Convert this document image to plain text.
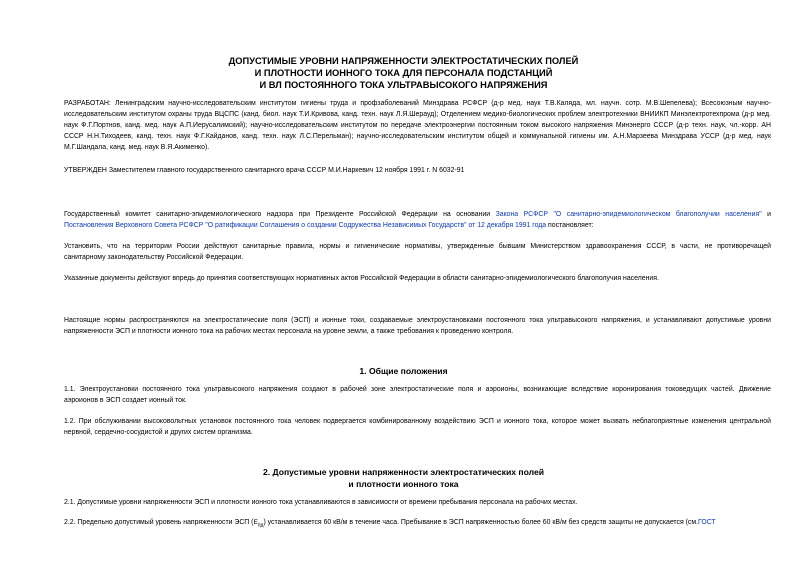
ДОПУСТИМЫЕ УРОВНИ НАПРЯЖЕННОСТИ ЭЛЕКТРОСТАТИЧЕСКИХ ПОЛЕЙ
И ПЛОТНОСТИ ИОННОГО ТОКА ДЛЯ ПЕРСОНАЛА ПОДСТАНЦИЙ
И ВЛ ПОСТОЯННОГО ТОКА УЛЬТРАВЫСОКОГО НАПРЯЖЕНИЯ
РАЗРАБОТАН: Ленинградским научно-исследовательским институтом гигиены труда и профзаболеваний Минздрава РСФСР (д-р мед. наук Т.В.Калядa, мл. научн. сотр. М.В.Шепелева); Всесоюзным научно-
исследовательским институтом охраны труда ВЦСПС (канд. биол. наук Т.И.Кривова, канд. техн. наук Л.Я.Шерауд); Отделением медико-биологических проблем электротехники ВНИИКП Минэлектротехпрома (д-р мед.
наук Ф.Г.Портнов, канд. мед. наук А.П.Иерусалимский); научно-исследовательским институтом по передаче электроэнергии постоянным током высокого напряжения Минэнерго СССР (д-р техн. наук, чл.-корр. АН
СССР Н.Н.Тиходеев, канд. техн. наук Ф.Г.Кайданов, канд. техн. наук Л.С.Перельман); научно-исследовательским институтом общей и коммунальной гигиены им. А.Н.Марзеева Минздрава УССР (д-р мед. наук
М.Г.Шандала, канд. мед. наук В.Я.Акименко).
УТВЕРЖДЕН Заместителем главного государственного санитарного врача СССР М.И.Наркевич 12 ноября 1991 г. N 6032-91
Государственный комитет санитарно-эпидемиологического надзора при Президенте Российской Федерации на основании Закона РСФСР "О санитарно-эпидемиологическом благополучии населения" и
Постановления Верховного Совета РСФСР "О ратификации Соглашения о создании Содружества Независимых Государств" от 12 декабря 1991 года постановляет:
Установить, что на территории России действуют санитарные правила, нормы и гигиенические нормативы, утвержденные бывшим Министерством здравоохранения СССР, в части, не противоречащей
санитарному законодательству Российской Федерации.
Указанные документы действуют впредь до принятия соответствующих нормативных актов Российской Федерации в области санитарно-эпидемиологического благополучия населения.
Настоящие нормы распространяются на электростатические поля (ЭСП) и ионные токи, создаваемые электроустановками постоянного тока ультравысокого напряжения, и устанавливают допустимые уровни
напряженности ЭСП и плотности ионного тока на рабочих местах персонала на уровне земли, а также требования к проведению контроля.
1. Общие положения
1.1. Электроустановки постоянного тока ультравысокого напряжения создают в рабочей зоне электростатические поля и аэроионы, возникающие вследствие коронирования токоведущих частей. Движение
аэроионов в ЭСП создает ионный ток.
1.2. При обслуживании высоковольтных установок постоянного тока человек подвергается комбинированному воздействию ЭСП и ионного тока, которое может вызвать неблагоприятные изменения центральной
нервной, сердечно-сосудистой и других систем организма.
2. Допустимые уровни напряженности электростатических полей
и плотности ионного тока
2.1. Допустимые уровни напряженности ЭСП и плотности ионного тока устанавливаются в зависимости от времени пребывания персонала на рабочих местах.
2.2. Предельно допустимый уровень напряженности ЭСП $(E_{пд})$ устанавливается 60 кВ/м в течение часа. Пребывание в ЭСП напряженностью более 60 кВ/м без средств защиты не допускается (см.ГОСТ
